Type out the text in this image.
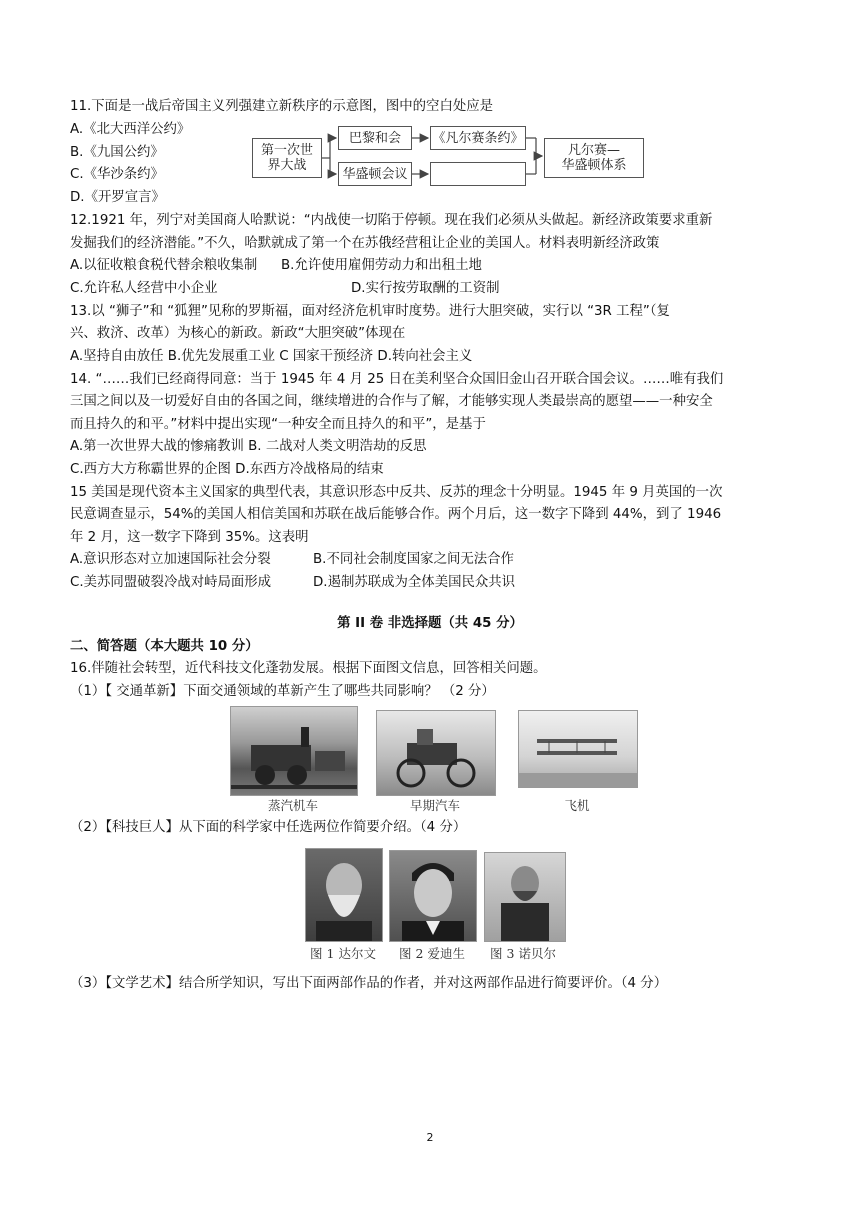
11.下面是一战后帝国主义列强建立新秩序的示意图，图中的空白处应是
A.《北大西洋公约》
B.《九国公约》
C.《华沙条约》
D.《开罗宣言》
第一次世
界大战
巴黎和会
华盛顿会议
《凡尔赛条约》
凡尔赛—
华盛顿体系
12.1921 年，列宁对美国商人哈默说：“内战使一切陷于停顿。现在我们必须从头做起。新经济政策要求重新
发掘我们的经济潜能。”不久，哈默就成了第一个在苏俄经营租让企业的美国人。材料表明新经济政策
A.以征收粮食税代替余粮收集制 B.允许使用雇佣劳动力和出租土地
C.允许私人经营中小企业	D.实行按劳取酬的工资制
13.以 “狮子”和 “狐狸”见称的罗斯福，面对经济危机审时度势。进行大胆突破，实行以 “3R 工程”（复
兴、救济、改革）为核心的新政。新政“大胆突破”体现在
A.坚持自由放任 B.优先发展重工业 C 国家干预经济 D.转向社会主义
14. “……我们已经商得同意：当于 1945 年 4 月 25 日在美利坚合众国旧金山召开联合国会议。……唯有我们
三国之间以及一切爱好自由的各国之间，继续增进的合作与了解，才能够实现人类最崇高的愿望——一种安全
而且持久的和平。”材料中提出实现“一种安全而且持久的和平”，是基于
A.第一次世界大战的惨痛教训 B. 二战对人类文明浩劫的反思
C.西方大方称霸世界的企图 D.东西方冷战格局的结束
15 美国是现代资本主义国家的典型代表，其意识形态中反共、反苏的理念十分明显。1945 年 9 月英国的一次
民意调查显示，54%的美国人相信美国和苏联在战后能够合作。两个月后，这一数字下降到 44%，到了 1946
年 2 月，这一数字下降到 35%。这表明
A.意识形态对立加速国际社会分裂	B.不同社会制度国家之间无法合作
C.美苏同盟破裂冷战对峙局面形成	D.遏制苏联成为全体美国民众共识
第 II 卷 非选择题（共 45 分）
二、简答题（本大题共 10 分）
16.伴随社会转型，近代科技文化蓬勃发展。根据下面图文信息，回答相关问题。
（1）【 交通革新】下面交通领域的革新产生了哪些共同影响？ （2 分）
蒸汽机车	早期汽车	飞机
（2）【科技巨人】从下面的科学家中任选两位作简要介绍。（4 分）
图 1 达尔文	图 2 爱迪生	图 3 诺贝尔
（3）【文学艺术】结合所学知识，写出下面两部作品的作者，并对这两部作品进行简要评价。（4 分）
2
